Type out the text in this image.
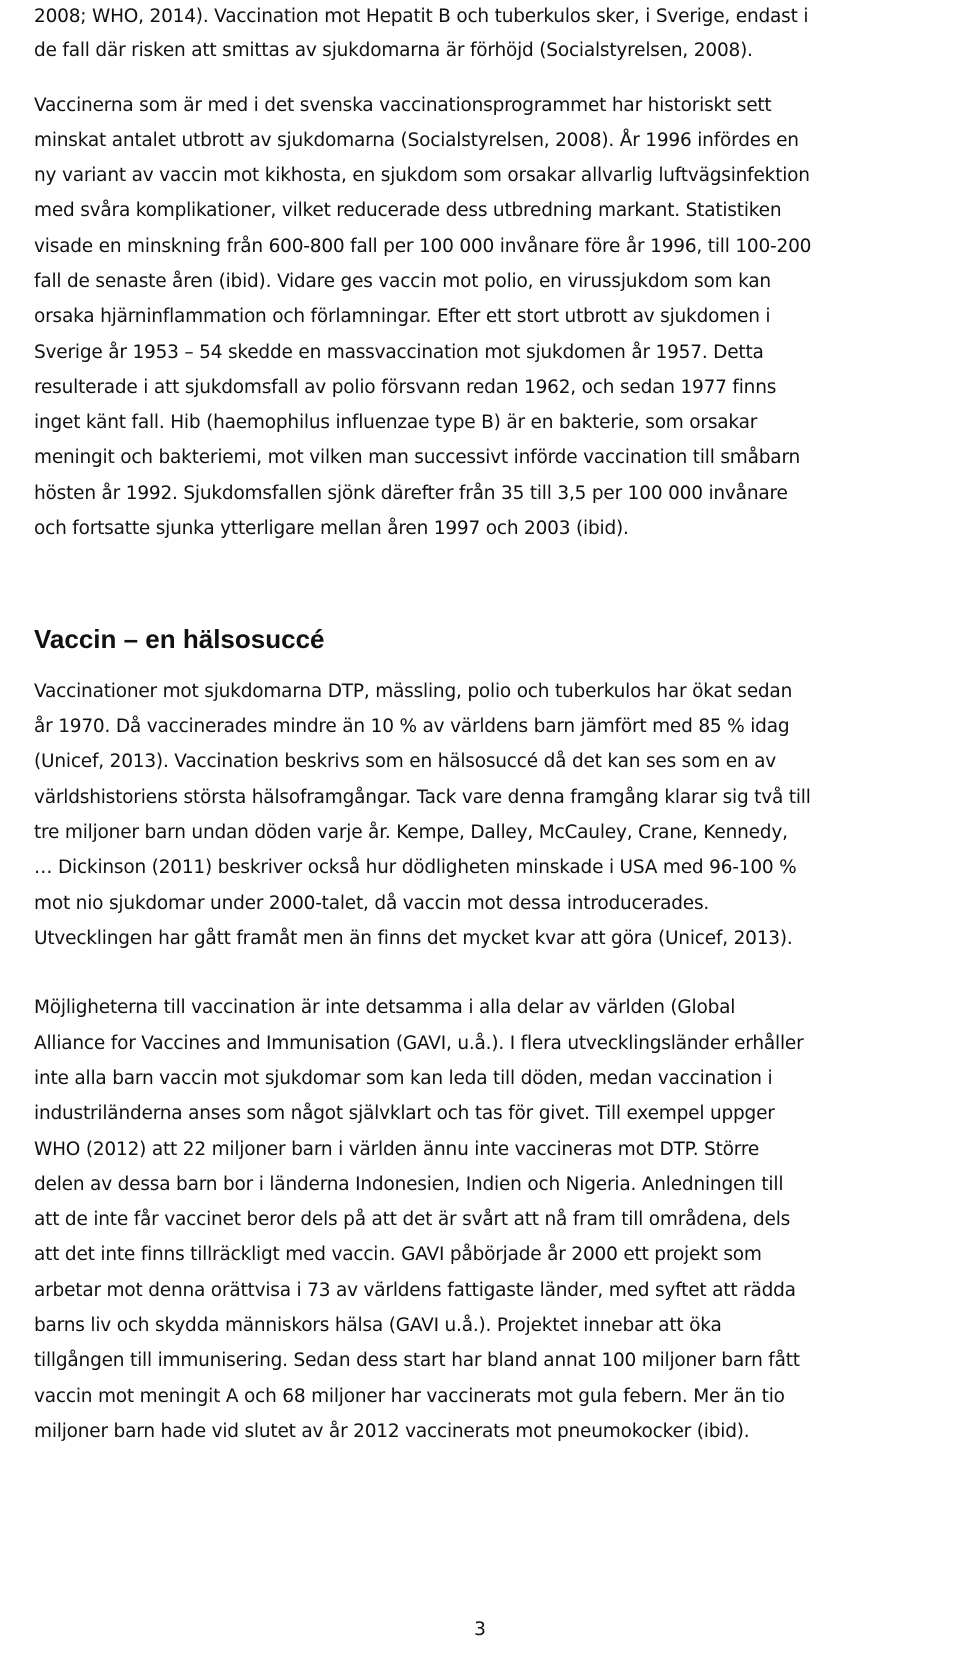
2008; WHO, 2014). Vaccination mot Hepatit B och tuberkulos sker, i Sverige, endast i
de fall där risken att smittas av sjukdomarna är förhöjd (Socialstyrelsen, 2008).
Vaccinerna som är med i det svenska vaccinationsprogrammet har historiskt sett
minskat antalet utbrott av sjukdomarna (Socialstyrelsen, 2008). År 1996 infördes en
ny variant av vaccin mot kikhosta, en sjukdom som orsakar allvarlig luftvägsinfektion
med svåra komplikationer, vilket reducerade dess utbredning markant. Statistiken
visade en minskning från 600-800 fall per 100 000 invånare före år 1996, till 100-200
fall de senaste åren (ibid). Vidare ges vaccin mot polio, en virussjukdom som kan
orsaka hjärninflammation och förlamningar. Efter ett stort utbrott av sjukdomen i
Sverige år 1953 – 54 skedde en massvaccination mot sjukdomen år 1957. Detta
resulterade i att sjukdomsfall av polio försvann redan 1962, och sedan 1977 finns
inget känt fall. Hib (haemophilus influenzae type B) är en bakterie, som orsakar
meningit och bakteriemi, mot vilken man successivt införde vaccination till småbarn
hösten år 1992. Sjukdomsfallen sjönk därefter från 35 till 3,5 per 100 000 invånare
och fortsatte sjunka ytterligare mellan åren 1997 och 2003 (ibid).
Vaccin – en hälsosuccé
Vaccinationer mot sjukdomarna DTP, mässling, polio och tuberkulos har ökat sedan
år 1970. Då vaccinerades mindre än 10 % av världens barn jämfört med 85 % idag
(Unicef, 2013). Vaccination beskrivs som en hälsosuccé då det kan ses som en av
världshistoriens största hälsoframgångar. Tack vare denna framgång klarar sig två till
tre miljoner barn undan döden varje år. Kempe, Dalley, McCauley, Crane, Kennedy,
… Dickinson (2011) beskriver också hur dödligheten minskade i USA med 96-100 %
mot nio sjukdomar under 2000-talet, då vaccin mot dessa introducerades.
Utvecklingen har gått framåt men än finns det mycket kvar att göra (Unicef, 2013).
Möjligheterna till vaccination är inte detsamma i alla delar av världen (Global
Alliance for Vaccines and Immunisation (GAVI, u.å.). I flera utvecklingsländer erhåller
inte alla barn vaccin mot sjukdomar som kan leda till döden, medan vaccination i
industriländerna anses som något självklart och tas för givet. Till exempel uppger
WHO (2012) att 22 miljoner barn i världen ännu inte vaccineras mot DTP. Större
delen av dessa barn bor i länderna Indonesien, Indien och Nigeria. Anledningen till
att de inte får vaccinet beror dels på att det är svårt att nå fram till områdena, dels
att det inte finns tillräckligt med vaccin. GAVI påbörjade år 2000 ett projekt som
arbetar mot denna orättvisa i 73 av världens fattigaste länder, med syftet att rädda
barns liv och skydda människors hälsa (GAVI u.å.). Projektet innebar att öka
tillgången till immunisering. Sedan dess start har bland annat 100 miljoner barn fått
vaccin mot meningit A och 68 miljoner har vaccinerats mot gula febern. Mer än tio
miljoner barn hade vid slutet av år 2012 vaccinerats mot pneumokocker (ibid).
3
